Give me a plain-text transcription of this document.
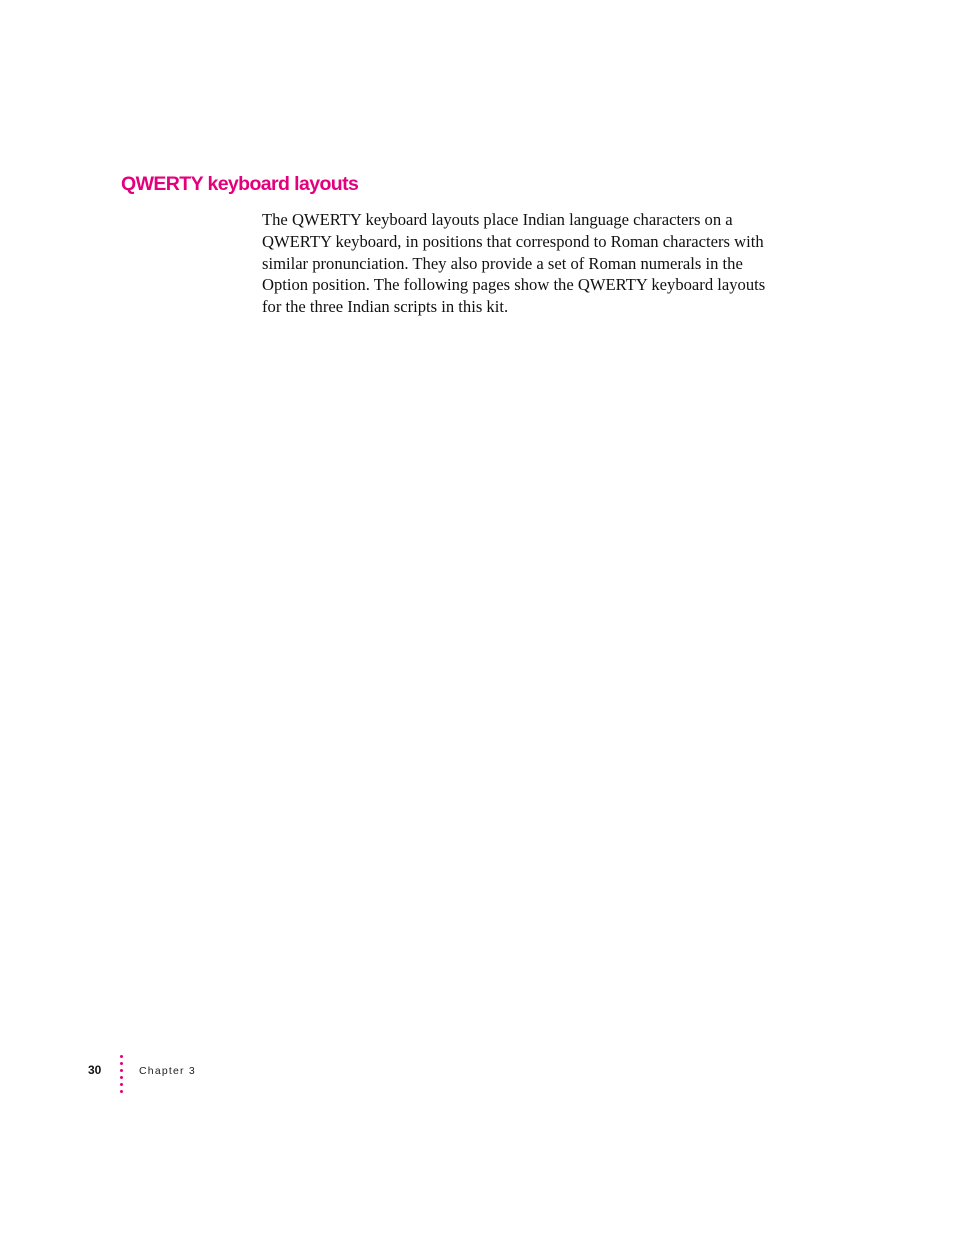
QWERTY keyboard layouts

The QWERTY keyboard layouts place Indian language characters on a
QWERTY keyboard, in positions that correspond to Roman characters with
similar pronunciation. They also provide a set of Roman numerals in the
Option position. The following pages show the QWERTY keyboard layouts
for the three Indian scripts in this kit.

30	Chapter 3
